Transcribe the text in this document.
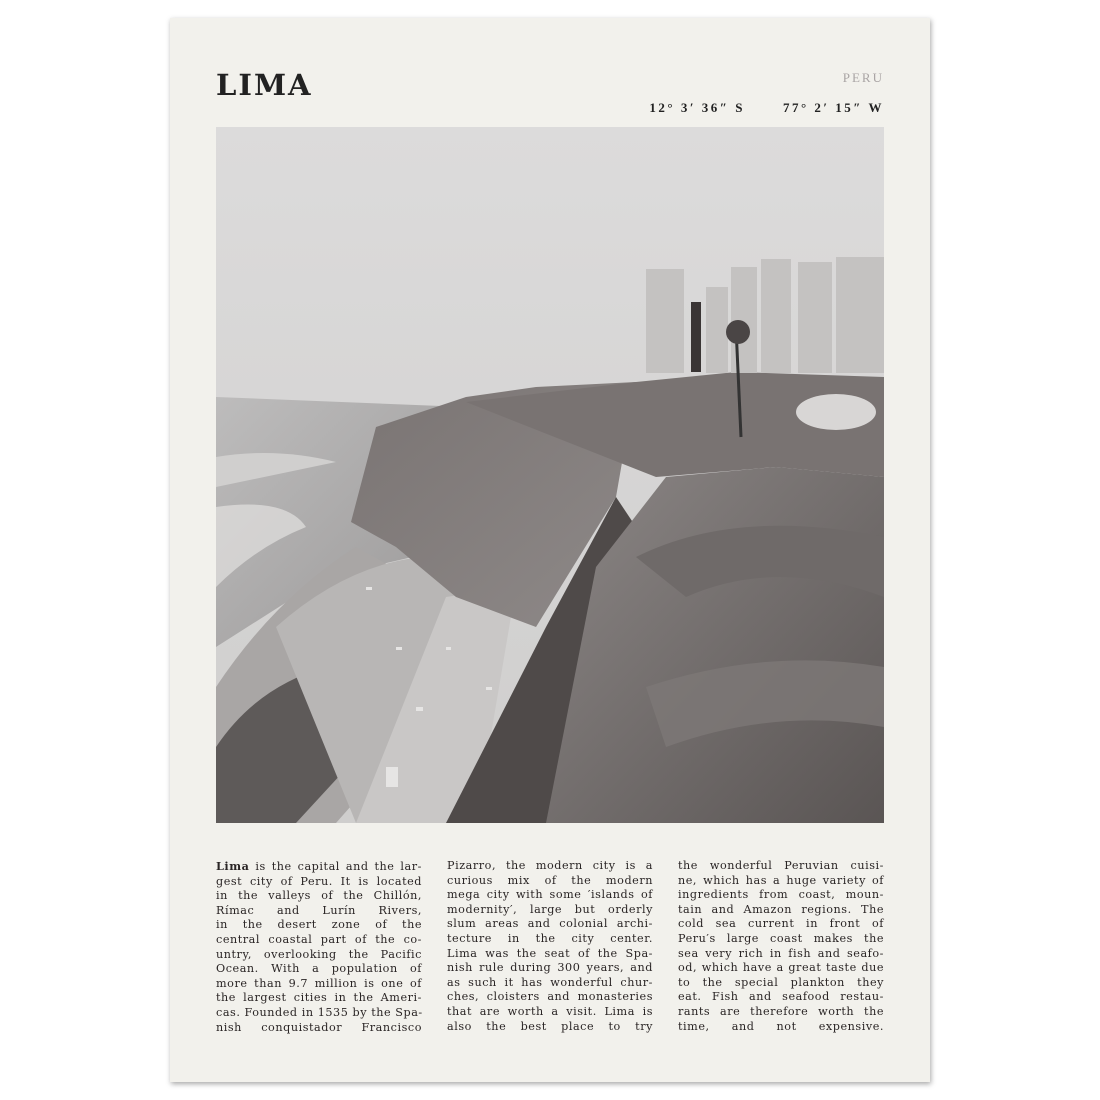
LIMA	PERU
12° 3′ 36″ S	77° 2′ 15″ W
Lima is the capital and the lar-
gest city of Peru. It is located
in the valleys of the Chillón,
Rímac and Lurín Rivers,
in the desert zone of the
central coastal part of the co-
untry, overlooking the Pacific
Ocean. With a population of
more than 9.7 million is one of
the largest cities in the Ameri-
cas. Founded in 1535 by the Spa-
nish conquistador Francisco
Pizarro, the modern city is a
curious mix of the modern
mega city with some ′islands of
modernity′, large but orderly
slum areas and colonial archi-
tecture in the city center.
Lima was the seat of the Spa-
nish rule during 300 years, and
as such it has wonderful chur-
ches, cloisters and monasteries
that are worth a visit. Lima is
also the best place to try
the wonderful Peruvian cuisi-
ne, which has a huge variety of
ingredients from coast, moun-
tain and Amazon regions. The
cold sea current in front of
Peru′s large coast makes the
sea very rich in fish and seafo-
od, which have a great taste due
to the special plankton they
eat. Fish and seafood restau-
rants are therefore worth the
time, and not expensive.
